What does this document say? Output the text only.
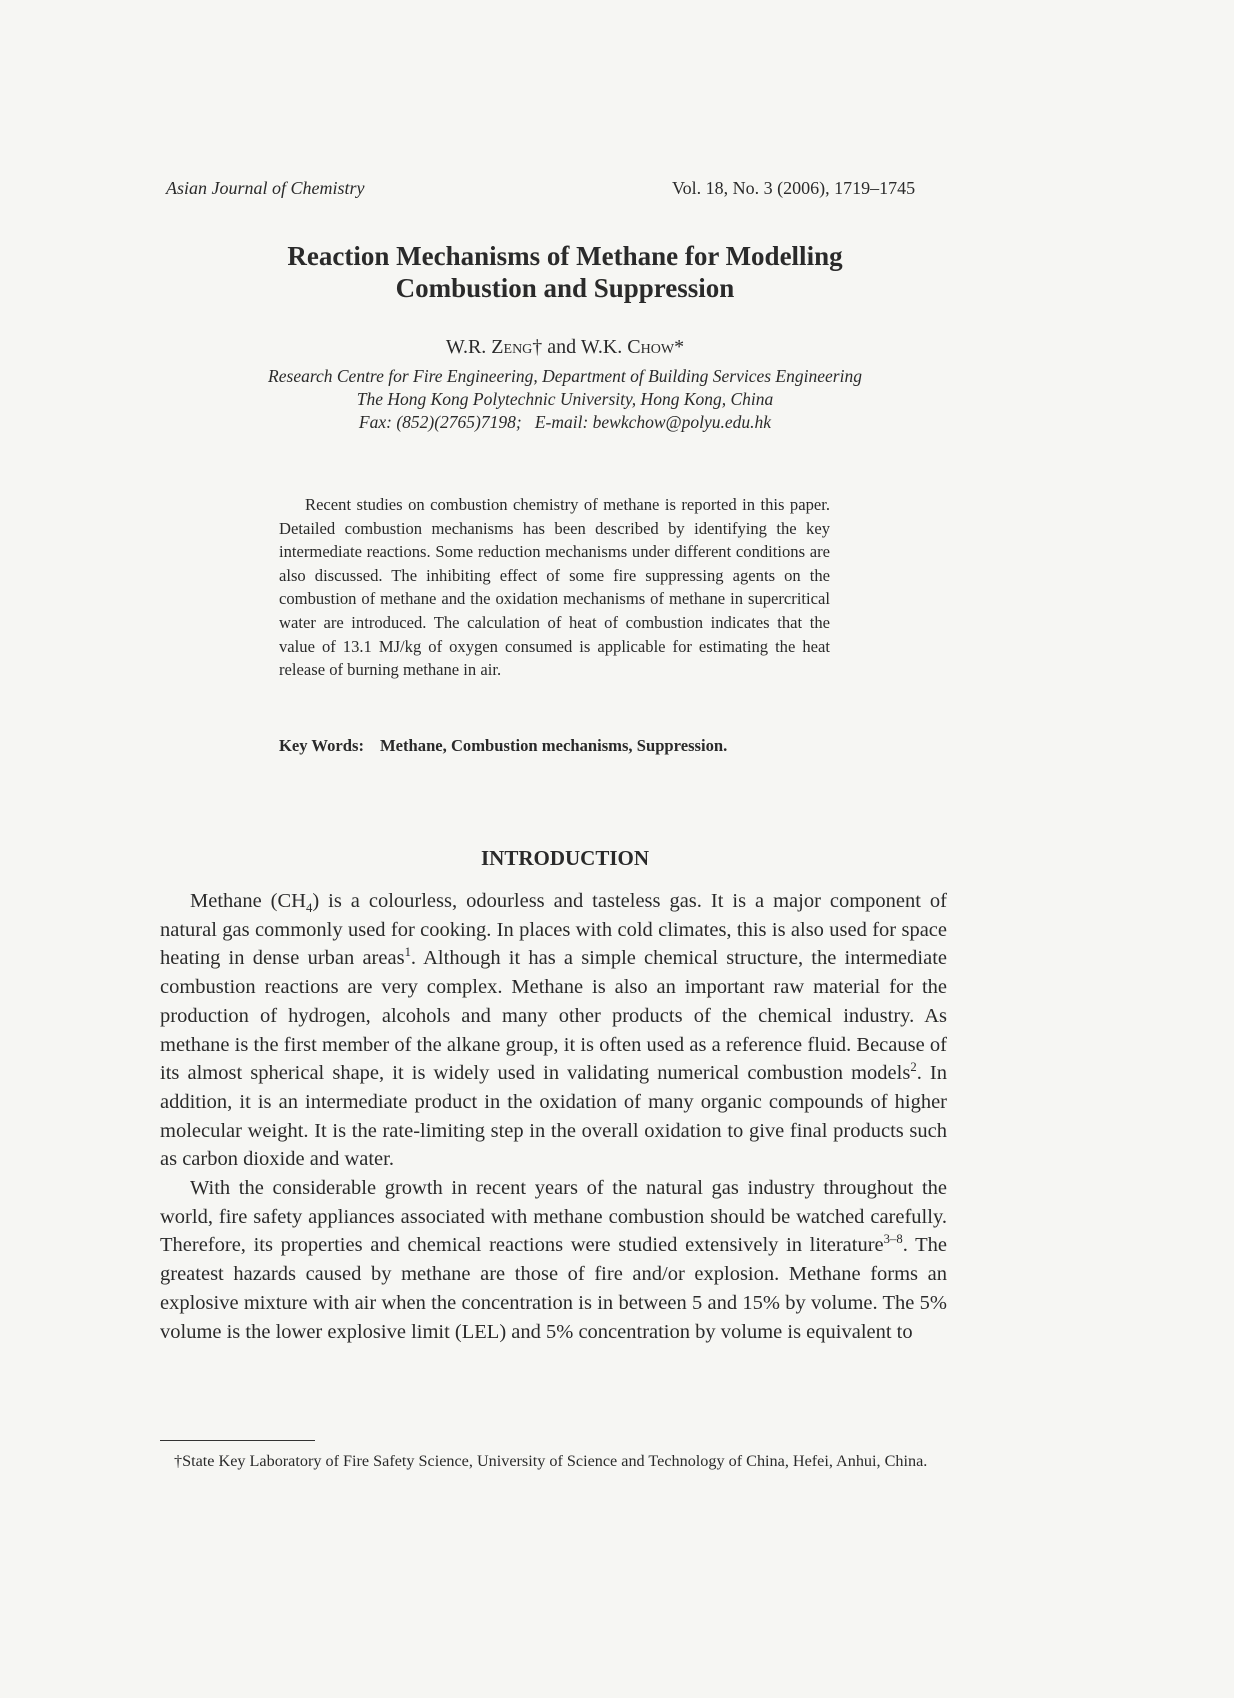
Asian Journal of Chemistry	Vol. 18, No. 3 (2006), 1719–1745
Reaction Mechanisms of Methane for Modelling
Combustion and Suppression
W.R. Zeng† and W.K. Chow*
Research Centre for Fire Engineering, Department of Building Services Engineering
The Hong Kong Polytechnic University, Hong Kong, China
Fax: (852)(2765)7198;   E-mail: bewkchow@polyu.edu.hk
Recent studies on combustion chemistry of methane is reported in this paper. Detailed combustion mechanisms has been described by identifying the key intermediate reactions. Some reduction mechanisms under different conditions are also discussed. The inhibiting effect of some fire suppressing agents on the combustion of methane and the oxidation mechanisms of methane in supercritical water are introduced. The calculation of heat of combustion indicates that the value of 13.1 MJ/kg of oxygen consumed is applicable for estimating the heat release of burning methane in air.
Key Words: Methane, Combustion mechanisms, Suppression.
INTRODUCTION

Methane $(CH_4)$ is a colourless, odourless and tasteless gas. It is a major component of natural gas commonly used for cooking. In places with cold climates, this is also used for space heating in dense urban areas$^1$. Although it has a simple chemical structure, the intermediate combustion reactions are very complex. Methane is also an important raw material for the production of hydrogen, alcohols and many other products of the chemical industry. As methane is the first member of the alkane group, it is often used as a reference fluid. Because of its almost spherical shape, it is widely used in validating numerical combustion models$^2$. In addition, it is an intermediate product in the oxidation of many organic compounds of higher molecular weight. It is the rate-limiting step in the overall oxidation to give final products such as carbon dioxide and water.

With the considerable growth in recent years of the natural gas industry throughout the world, fire safety appliances associated with methane combustion should be watched carefully. Therefore, its properties and chemical reactions were studied extensively in literature$^{3-8}$. The greatest hazards caused by methane are those of fire and/or explosion. Methane forms an explosive mixture with air when the concentration is in between 5 and 15% by volume. The 5% volume is the lower explosive limit (LEL) and 5% concentration by volume is equivalent to

†State Key Laboratory of Fire Safety Science, University of Science and Technology of China, Hefei, Anhui, China.
